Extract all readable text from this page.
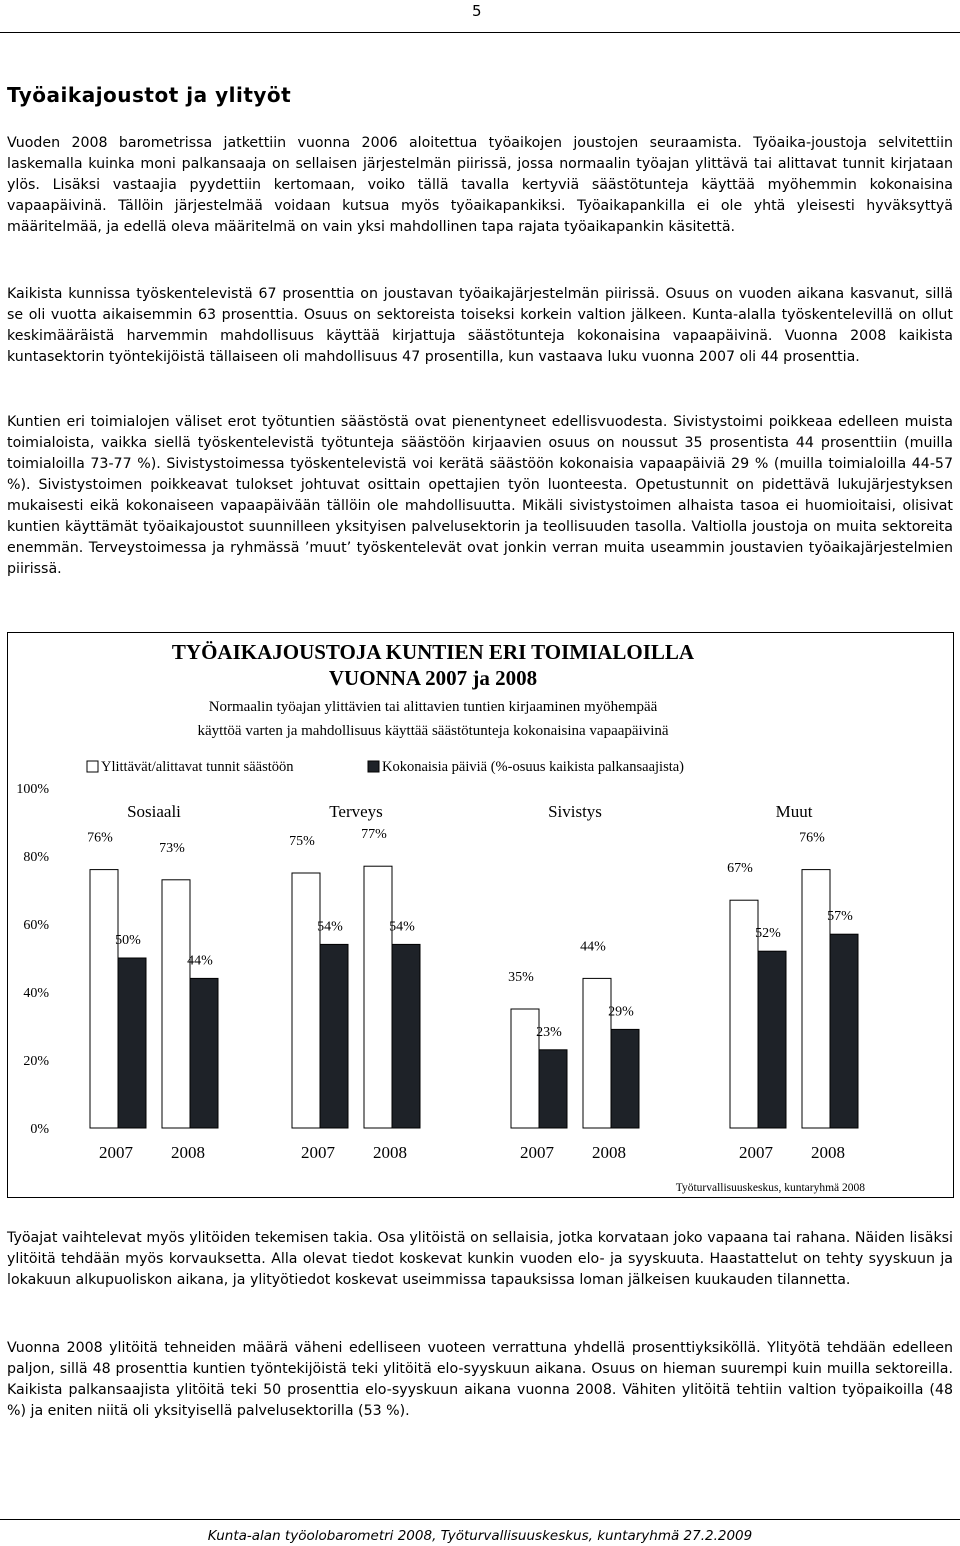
5
Työaikajoustot ja ylityöt

Vuoden 2008 barometrissa jatkettiin vuonna 2006 aloitettua työaikojen joustojen seuraamista. Työaika-joustoja selvitettiin laskemalla kuinka moni palkansaaja on sellaisen järjestelmän piirissä, jossa normaalin työajan ylittävä tai alittavat tunnit kirjataan ylös. Lisäksi vastaajia pyydettiin kertomaan, voiko tällä tavalla kertyviä säästötunteja käyttää myöhemmin kokonaisina vapaapäivinä. Tällöin järjestelmää voidaan kutsua myös työaikapankiksi. Työaikapankilla ei ole yhtä yleisesti hyväksyttyä määritelmää, ja edellä oleva määritelmä on vain yksi mahdollinen tapa rajata työaikapankin käsitettä.

Kaikista kunnissa työskentelevistä 67 prosenttia on joustavan työaikajärjestelmän piirissä. Osuus on vuoden aikana kasvanut, sillä se oli vuotta aikaisemmin 63 prosenttia. Osuus on sektoreista toiseksi korkein valtion jälkeen. Kunta-alalla työskentelevillä on ollut keskimääräistä harvemmin mahdollisuus käyttää kirjattuja säästötunteja kokonaisina vapaapäivinä. Vuonna 2008 kaikista kuntasektorin työntekijöistä tällaiseen oli mahdollisuus 47 prosentilla, kun vastaava luku vuonna 2007 oli 44 prosenttia.

Kuntien eri toimialojen väliset erot työtuntien säästöstä ovat pienentyneet edellisvuodesta. Sivistystoimi poikkeaa edelleen muista toimialoista, vaikka siellä työskentelevistä työtunteja säästöön kirjaavien osuus on noussut 35 prosentista 44 prosenttiin (muilla toimialoilla 73-77 %). Sivistystoimessa työskentelevistä voi kerätä säästöön kokonaisia vapaapäiviä 29 % (muilla toimialoilla 44-57 %). Sivistystoimen poikkeavat tulokset johtuvat osittain opettajien työn luonteesta. Opetustunnit on pidettävä lukujärjestyksen mukaisesti eikä kokonaiseen vapaapäivään tällöin ole mahdollisuutta. Mikäli sivistystoimen alhaista tasoa ei huomioitaisi, olisivat kuntien käyttämät työaikajoustot suunnilleen yksityisen palvelusektorin ja teollisuuden tasolla. Valtiolla joustoja on muita sektoreita enemmän. Terveystoimessa ja ryhmässä ’muut’ työskentelevät ovat jonkin verran muita useammin joustavien työaikajärjestelmien piirissä.

TYÖAIKAJOUSTOJA KUNTIEN ERI TOIMIALOILLA
VUONNA 2007 ja 2008
Normaalin työajan ylittävien tai alittavien tuntien kirjaaminen myöhempää
käyttöä varten ja mahdollisuus käyttää säästötunteja kokonaisina vapaapäivinä
Ylittävät/alittavat tunnit säästöön	Kokonaisia päiviä (%-osuus kaikista palkansaajista)
0%
20%
40%
60%
80%
100%
Sosiaali	Terveys	Sivistys	Muut
76%
50%
73%
44%
75%
54%
77%
54%
35%
23%
44%
29%
67%
52%
76%
57%
2007 2008	2007 2008	2007 2008	2007 2008
Työturvallisuuskeskus, kuntaryhmä 2008

Työajat vaihtelevat myös ylitöiden tekemisen takia. Osa ylitöistä on sellaisia, jotka korvataan joko vapaana tai rahana. Näiden lisäksi ylitöitä tehdään myös korvauksetta. Alla olevat tiedot koskevat kunkin vuoden elo- ja syyskuuta. Haastattelut on tehty syyskuun ja lokakuun alkupuoliskon aikana, ja ylityötiedot koskevat useimmissa tapauksissa loman jälkeisen kuukauden tilannetta.

Vuonna 2008 ylitöitä tehneiden määrä väheni edelliseen vuoteen verrattuna yhdellä prosenttiyksiköllä. Ylityötä tehdään edelleen paljon, sillä 48 prosenttia kuntien työntekijöistä teki ylitöitä elo-syyskuun aikana. Osuus on hieman suurempi kuin muilla sektoreilla. Kaikista palkansaajista ylitöitä teki 50 prosenttia elo-syyskuun aikana vuonna 2008. Vähiten ylitöitä tehtiin valtion työpaikoilla (48 %) ja eniten niitä oli yksityisellä palvelusektorilla (53 %).

Kunta-alan työolobarometri 2008, Työturvallisuuskeskus, kuntaryhmä 27.2.2009
